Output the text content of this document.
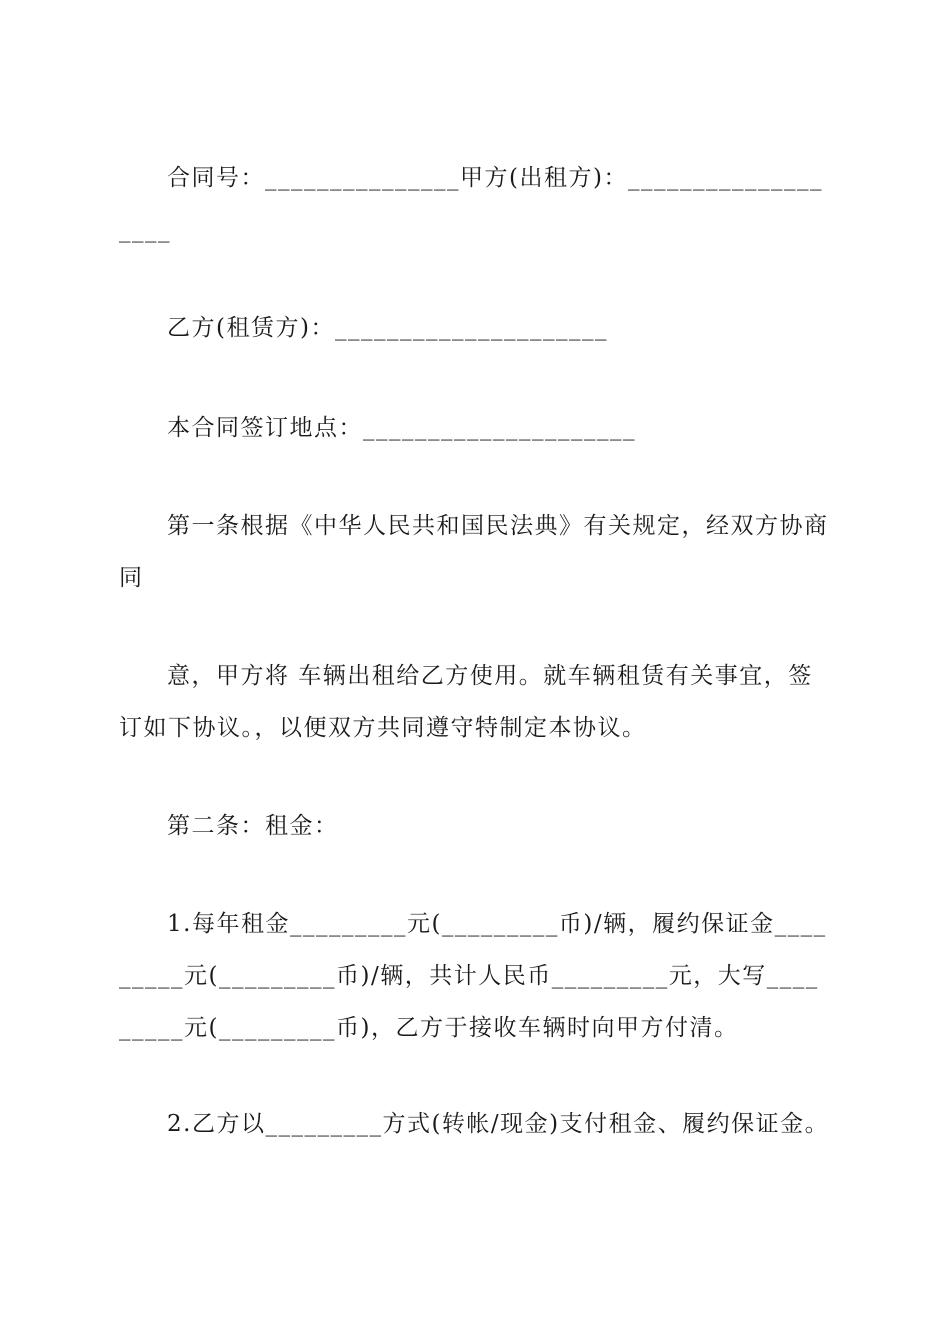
合同号：_______________甲方(出租方)：___________________

乙方(租赁方)：_____________________

本合同签订地点：_____________________

第一条根据《中华人民共和国民法典》有关规定，经双方协商同

意，甲方将 车辆出租给乙方使用。就车辆租赁有关事宜，签订如下协议。，以便双方共同遵守特制定本协议。

第二条：租金：

1.每年租金_________元(_________币)/辆，履约保证金_________元(_________币)/辆，共计人民币_________元，大写_________元(_________币)，乙方于接收车辆时向甲方付清。

2.乙方以_________方式(转帐/现金)支付租金、履约保证金。
